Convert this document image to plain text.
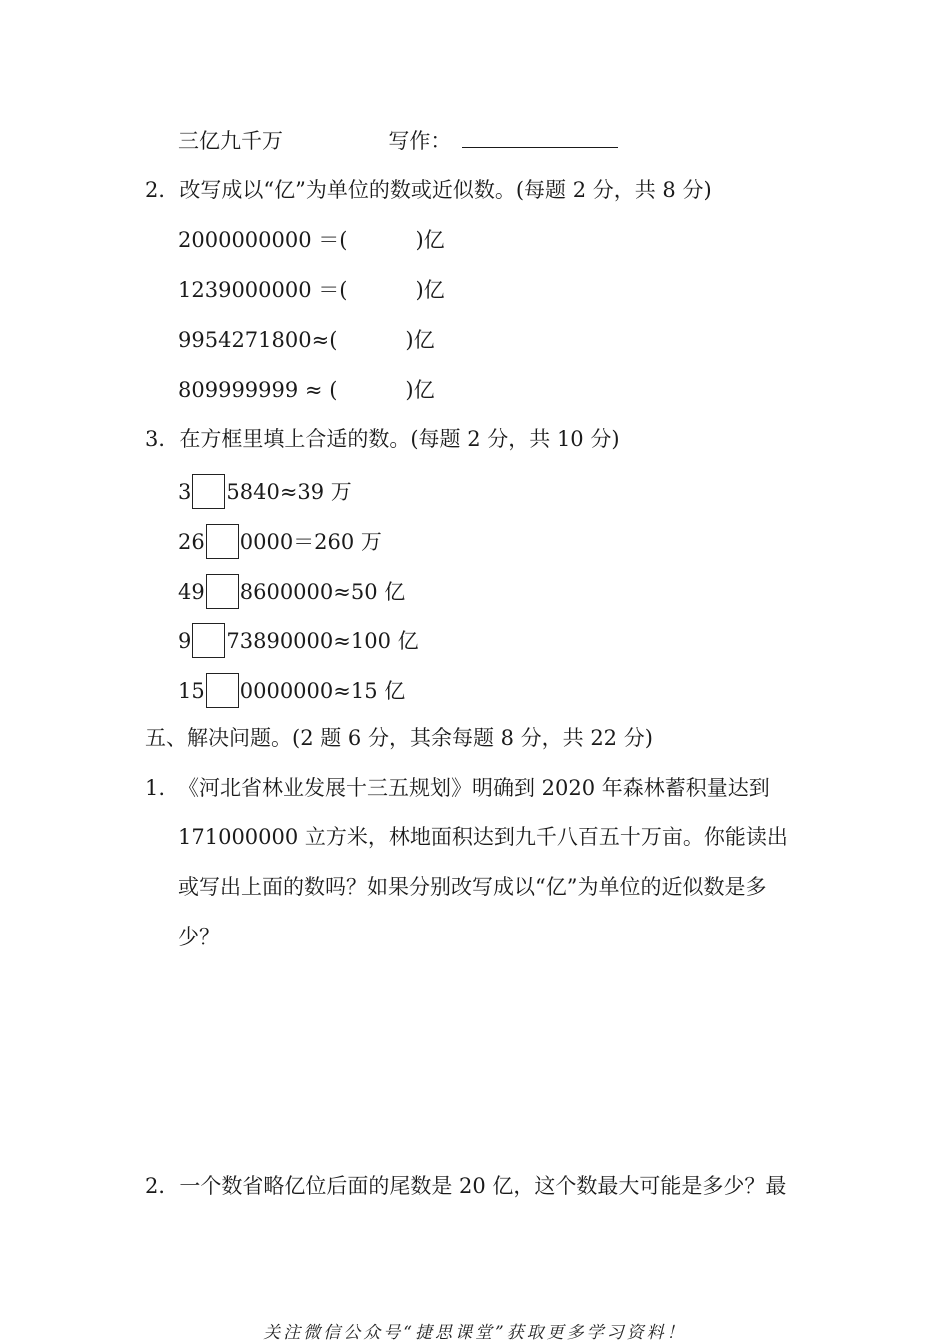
三亿九千万	写作：
2．改写成以“亿”为单位的数或近似数。(每题 2 分，共 8 分)
2000000000 ＝(	)亿
1239000000 ＝(	)亿
9954271800≈(	)亿
809999999 ≈ (	)亿
3．在方框里填上合适的数。(每题 2 分，共 10 分)
3 5840≈39 万
26 0000＝260 万
49 8600000≈50 亿
9 73890000≈100 亿
15 0000000≈15 亿
五、解决问题。(2 题 6 分，其余每题 8 分，共 22 分)
1. 《河北省林业发展十三五规划》明确到 2020 年森林蓄积量达到
171000000 立方米，林地面积达到九千八百五十万亩。你能读出
或写出上面的数吗？如果分别改写成以“亿”为单位的近似数是多
少？
2．一个数省略亿位后面的尾数是 20 亿，这个数最大可能是多少？最
关注微信公众号“捷思课堂”获取更多学习资料！
